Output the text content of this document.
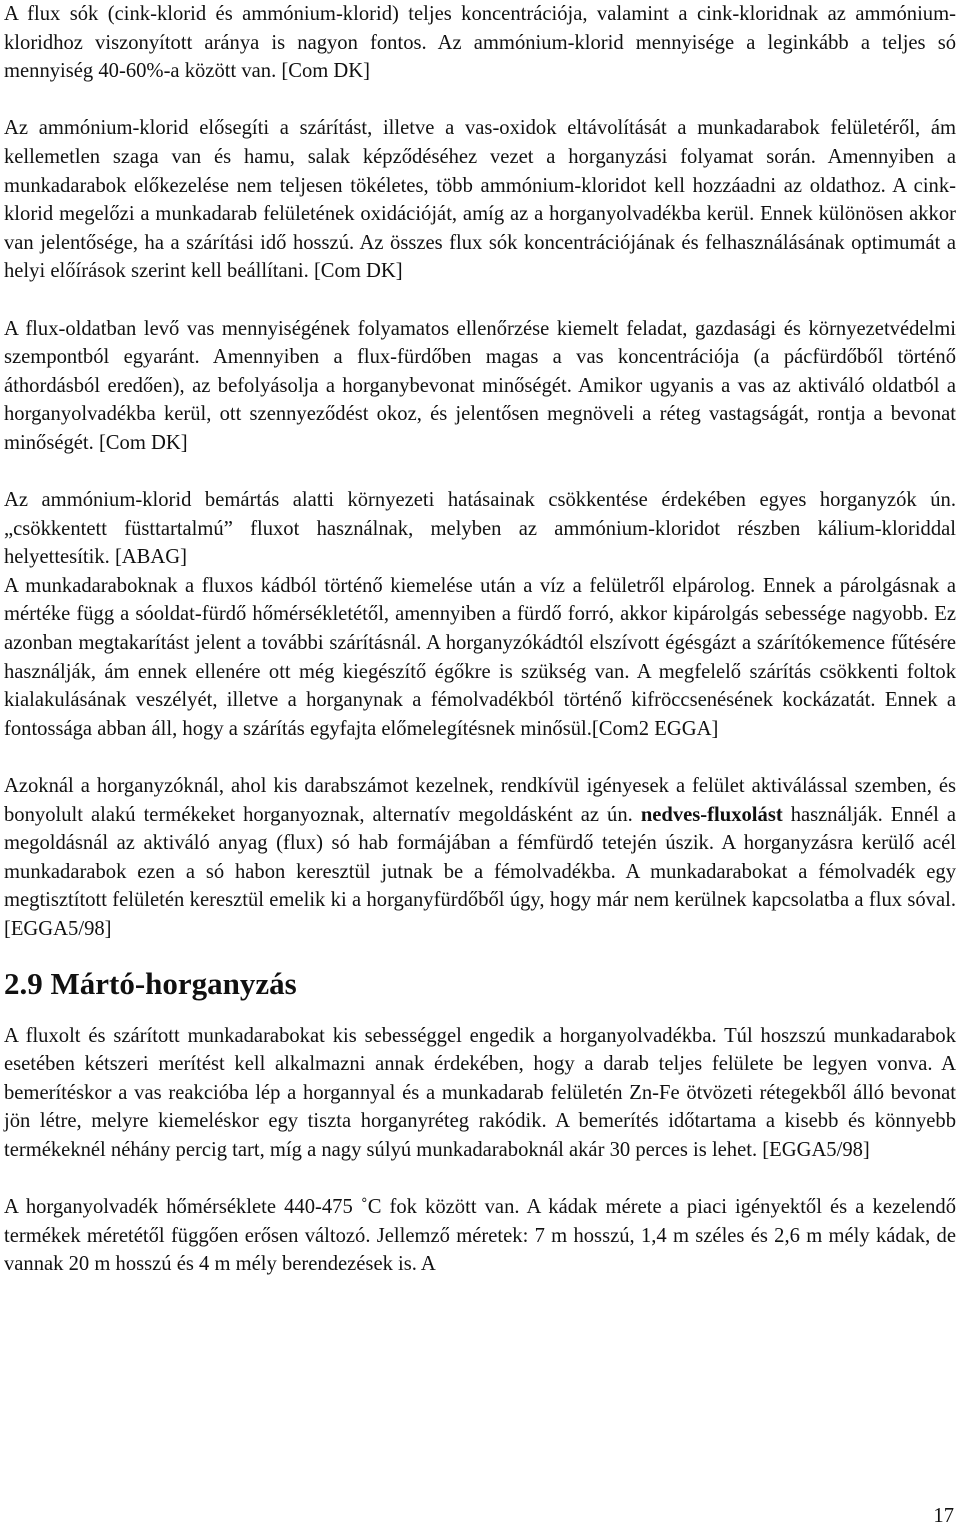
A flux sók (cink-klorid és ammónium-klorid) teljes koncentrációja, valamint a cink-kloridnak az ammónium-kloridhoz viszonyított aránya is nagyon fontos. Az ammónium-klorid mennyisége a leginkább a teljes só mennyiség 40-60%-a között van. [Com DK]

Az ammónium-klorid elősegíti a szárítást, illetve a vas-oxidok eltávolítását a munkadarabok felületéről, ám kellemetlen szaga van és hamu, salak képződéséhez vezet a horganyzási folyamat során. Amennyiben a munkadarabok előkezelése nem teljesen tökéletes, több ammónium-kloridot kell hozzáadni az oldathoz. A cink-klorid megelőzi a munkadarab felületének oxidációját, amíg az a horganyolvadékba kerül. Ennek különösen akkor van jelentősége, ha a szárítási idő hosszú. Az összes flux sók koncentrációjának és felhasználásának optimumát a helyi előírások szerint kell beállítani. [Com DK]

A flux-oldatban levő vas mennyiségének folyamatos ellenőrzése kiemelt feladat, gazdasági és környezetvédelmi szempontból egyaránt. Amennyiben a flux-fürdőben magas a vas koncentrációja (a pácfürdőből történő áthordásból eredően), az befolyásolja a horganybevonat minőségét. Amikor ugyanis a vas az aktiváló oldatból a horganyolvadékba kerül, ott szennyeződést okoz, és jelentősen megnöveli a réteg vastagságát, rontja a bevonat minőségét. [Com DK]

Az ammónium-klorid bemártás alatti környezeti hatásainak csökkentése érdekében egyes horganyzók ún. „csökkentett füsttartalmú” fluxot használnak, melyben az ammónium-kloridot részben kálium-kloriddal helyettesítik. [ABAG]

A munkadaraboknak a fluxos kádból történő kiemelése után a víz a felületről elpárolog. Ennek a párolgásnak a mértéke függ a sóoldat-fürdő hőmérsékletétől, amennyiben a fürdő forró, akkor kipárolgás sebessége nagyobb. Ez azonban megtakarítást jelent a további szárításnál. A horganyzókádtól elszívott égésgázt a szárítókemence fűtésére használják, ám ennek ellenére ott még kiegészítő égőkre is szükség van. A megfelelő szárítás csökkenti foltok kialakulásának veszélyét, illetve a horganynak a fémolvadékból történő kifröccsenésének kockázatát. Ennek a fontossága abban áll, hogy a szárítás egyfajta előmelegítésnek minősül.[Com2 EGGA]

Azoknál a horganyzóknál, ahol kis darabszámot kezelnek, rendkívül igényesek a felület aktiválással szemben, és bonyolult alakú termékeket horganyoznak, alternatív megoldásként az ún. nedves-fluxolást használják. Ennél a megoldásnál az aktiváló anyag (flux) só hab formájában a fémfürdő tetején úszik. A horganyzásra kerülő acél munkadarabok ezen a só habon keresztül jutnak be a fémolvadékba. A munkadarabokat a fémolvadék egy megtisztított felületén keresztül emelik ki a horganyfürdőből úgy, hogy már nem kerülnek kapcsolatba a flux sóval. [EGGA5/98]

2.9 Mártó-horganyzás

A fluxolt és szárított munkadarabokat kis sebességgel engedik a horganyolvadékba. Túl hoszszú munkadarabok esetében kétszeri merítést kell alkalmazni annak érdekében, hogy a darab teljes felülete be legyen vonva. A bemerítéskor a vas reakcióba lép a horgannyal és a munkadarab felületén Zn-Fe ötvözeti rétegekből álló bevonat jön létre, melyre kiemeléskor egy tiszta horganyréteg rakódik. A bemerítés időtartama a kisebb és könnyebb termékeknél néhány percig tart, míg a nagy súlyú munkadaraboknál akár 30 perces is lehet. [EGGA5/98]

A horganyolvadék hőmérséklete 440-475 ˚C fok között van. A kádak mérete a piaci igényektől és a kezelendő termékek méretétől függően erősen változó. Jellemző méretek: 7 m hosszú, 1,4 m széles és 2,6 m mély kádak, de vannak 20 m hosszú és 4 m mély berendezések is. A

17
